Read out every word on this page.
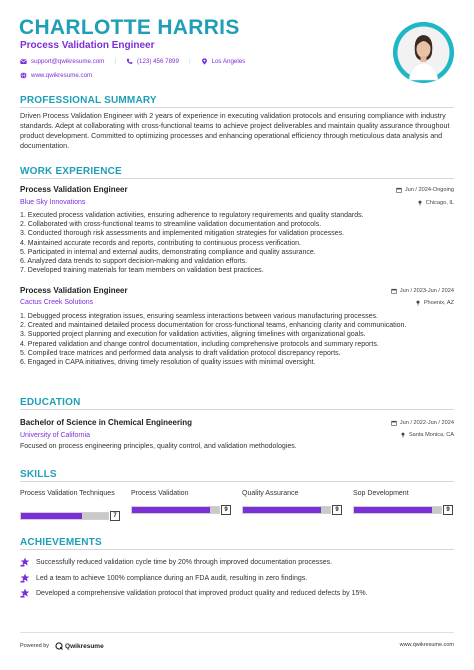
CHARLOTTE HARRIS
Process Validation Engineer
support@qwikresume.com |	(123) 456 7899 |	Los Angeles
www.qwikresume.com
PROFESSIONAL SUMMARY
Driven Process Validation Engineer with 2 years of experience in executing validation protocols and ensuring compliance with industry standards. Adept at collaborating with cross-functional teams to achieve project deliverables and maintain quality assurance throughout product development. Committed to optimizing processes and enhancing operational efficiency through meticulous data analysis and documentation.
WORK EXPERIENCE
Process Validation Engineer	Jun / 2024-Ongoing
Blue Sky Innovations	Chicago, IL
1. Executed process validation activities, ensuring adherence to regulatory requirements and quality standards.
2. Collaborated with cross-functional teams to streamline validation documentation and protocols.
3. Conducted thorough risk assessments and implemented mitigation strategies for validation processes.
4. Maintained accurate records and reports, contributing to continuous process verification.
5. Participated in internal and external audits, demonstrating compliance and quality assurance.
6. Analyzed data trends to support decision-making and validation efforts.
7. Developed training materials for team members on validation best practices.
Process Validation Engineer	Jun / 2023-Jun / 2024
Cactus Creek Solutions	Phoenix, AZ
1. Debugged process integration issues, ensuring seamless interactions between various manufacturing processes.
2. Created and maintained detailed process documentation for cross-functional teams, enhancing clarity and communication.
3. Supported project planning and execution for validation activities, aligning timelines with organizational goals.
4. Prepared validation and change control documentation, including comprehensive protocols and summary reports.
5. Compiled trace matrices and performed data analysis to draft validation protocol discrepancy reports.
6. Engaged in CAPA initiatives, driving timely resolution of quality issues with minimal oversight.
EDUCATION
Bachelor of Science in Chemical Engineering	Jun / 2022-Jun / 2024
University of California	Santa Monica, CA
Focused on process engineering principles, quality control, and validation methodologies.
SKILLS
Process Validation Techniques
7
Process Validation
9
Quality Assurance
9
Sop Development
9
ACHIEVEMENTS
Successfully reduced validation cycle time by 20% through improved documentation processes.
Led a team to achieve 100% compliance during an FDA audit, resulting in zero findings.
Developed a comprehensive validation protocol that improved product quality and reduced defects by 15%.
Powered by Qwikresume	www.qwikresume.com
